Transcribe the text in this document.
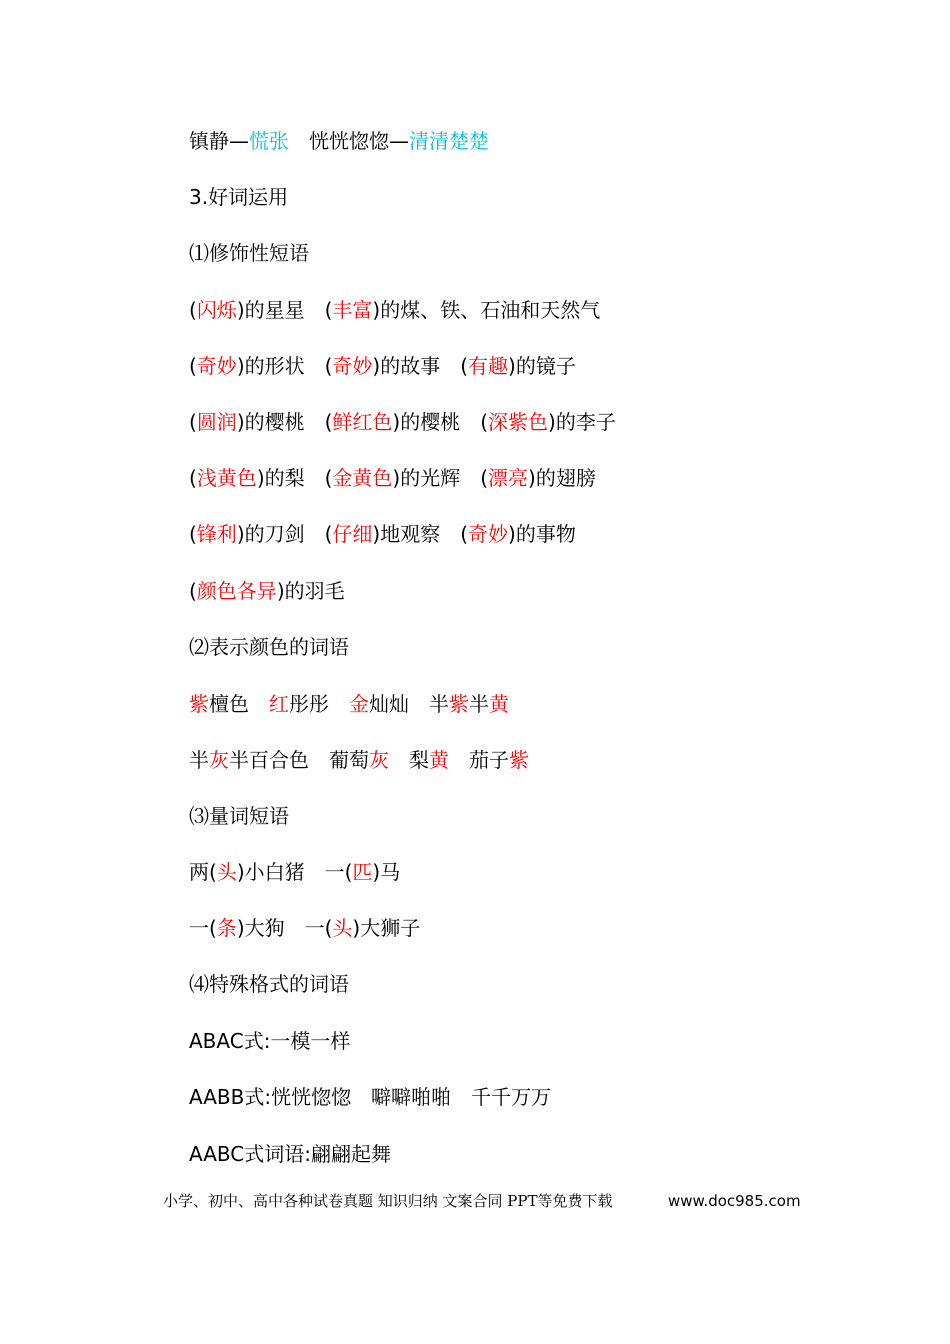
镇静—慌张　恍恍惚惚—清清楚楚
3.好词运用
⑴修饰性短语
(闪烁)的星星　(丰富)的煤、铁、石油和天然气
(奇妙)的形状　(奇妙)的故事　(有趣)的镜子
(圆润)的樱桃　(鲜红色)的樱桃　(深紫色)的李子
(浅黄色)的梨　(金黄色)的光辉　(漂亮)的翅膀
(锋利)的刀剑　(仔细)地观察　(奇妙)的事物
(颜色各异)的羽毛
⑵表示颜色的词语
紫檀色　红彤彤　金灿灿　半紫半黄
半灰半百合色　葡萄灰　梨黄　茄子紫
⑶量词短语
两(头)小白猪　一(匹)马
一(条)大狗　一(头)大狮子
⑷特殊格式的词语
ABAC式:一模一样
AABB式:恍恍惚惚　噼噼啪啪　千千万万
AABC式词语:翩翩起舞
小学、初中、高中各种试卷真题 知识归纳 文案合同 PPT等免费下载	www.doc985.com
